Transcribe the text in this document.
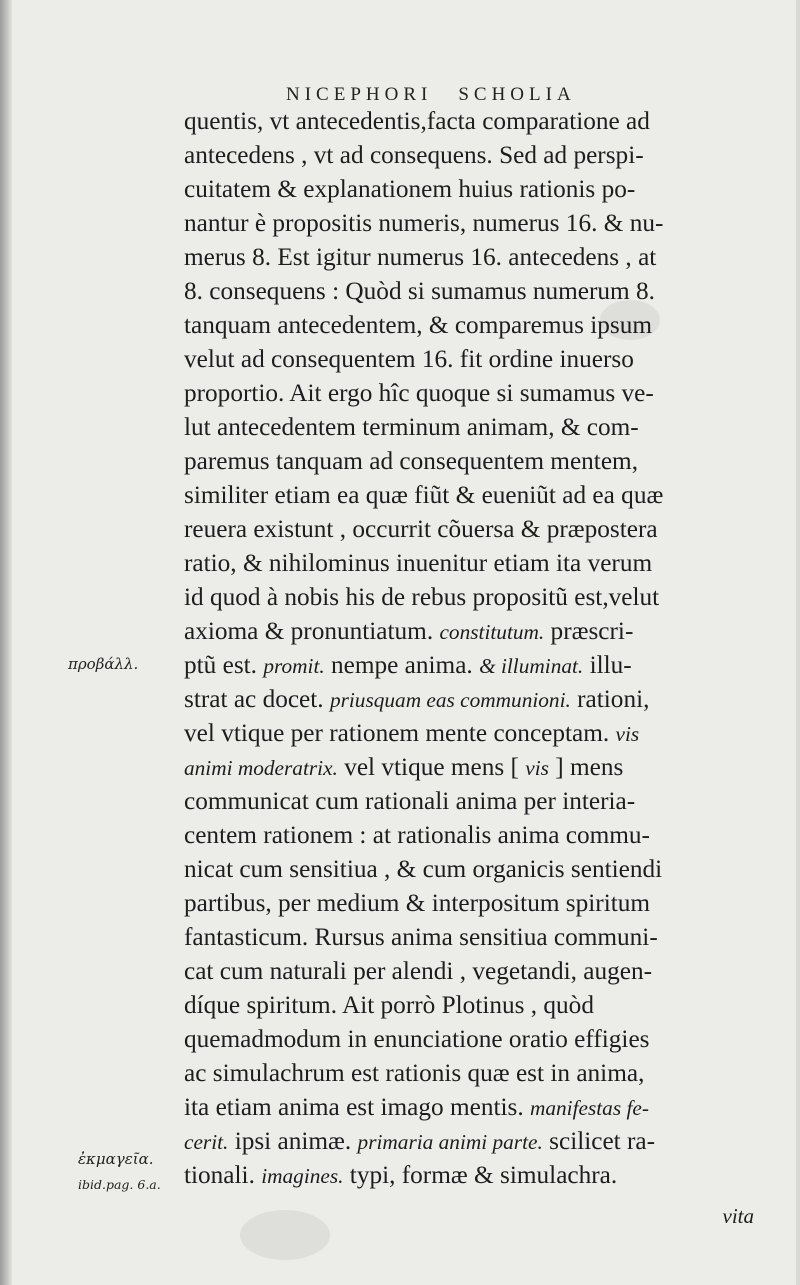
NICEPHORI SCHOLIA
quentis, vt antecedentis,facta comparatione ad
antecedens , vt ad consequens. Sed ad perspi-
cuitatem & explanationem huius rationis po-
nantur è propositis numeris, numerus 16. & nu-
merus 8. Est igitur numerus 16. antecedens , at
8. consequens : Quòd si sumamus numerum 8.
tanquam antecedentem, & comparemus ipsum
velut ad consequentem 16. fit ordine inuerso
proportio. Ait ergo hîc quoque si sumamus ve-
lut antecedentem terminum animam, & com-
paremus tanquam ad consequentem mentem,
similiter etiam ea quæ fiũt & eueniũt ad ea quæ
reuera existunt , occurrit cõuersa & præpostera
ratio, & nihilominus inuenitur etiam ita verum
id quod à nobis his de rebus propositũ est,velut
axioma & pronuntiatum. constitutum. præscri-
ptũ est. promit. nempe anima. & illuminat. illu-
strat ac docet. priusquam eas communioni. rationi,
vel vtique per rationem mente conceptam. vis
animi moderatrix. vel vtique mens [ vis ] mens
communicat cum rationali anima per interia-
centem rationem : at rationalis anima commu-
nicat cum sensitiua , & cum organicis sentiendi
partibus, per medium & interpositum spiritum
fantasticum. Rursus anima sensitiua communi-
cat cum naturali per alendi , vegetandi, augen-
díque spiritum. Ait porrò Plotinus , quòd
quemadmodum in enunciatione oratio effigies
ac simulachrum est rationis quæ est in anima,
ita etiam anima est imago mentis. manifestas fe-
cerit. ipsi animæ. primaria animi parte. scilicet ra-
tionali. imagines. typi, formæ & simulachra.
vita
προβάλλ.
ἐκμαγεῖα.
ibid.pag. 6.a.
